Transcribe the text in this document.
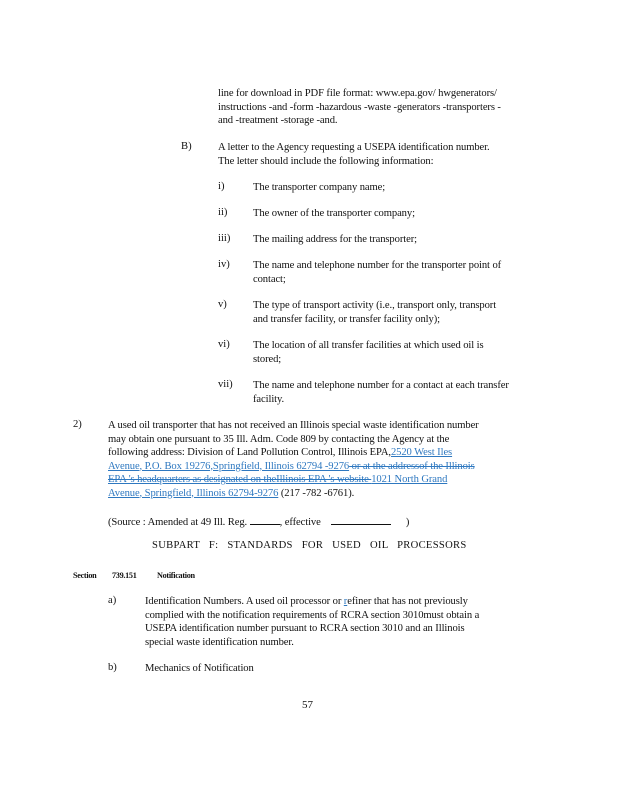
line for download in PDF file format: www.epa.gov/ hwgenerators/
instructions -and -form -hazardous -waste -generators -transporters -
and -treatment -storage -and.
B) A letter to the Agency requesting a USEPA identification number.
The letter should include the following information:
i)	The transporter company name;
ii) The owner of the transporter company;
iii) The mailing address for the transporter;
iv) The name and telephone number for the transporter point of
contact;
v) The type of transport activity (i.e., transport only, transport
and transfer facility, or transfer facility only);
vi) The location of all transfer facilities at which used oil is
stored;
vii) The name and telephone number for a contact at each transfer
facility.
2) A used oil transporter that has not received an Illinois special waste identification number
may obtain one pursuant to 35 Ill. Adm. Code 809 by contacting the Agency at the
following address: Division of Land Pollution Control, Illinois EPA,2520 West Iles
Avenue, P.O. Box 19276,Springfield, Illinois 62794 -9276 or at the addressof the Illinois
EPA 's headquarters as designated on theIllinois EPA 's website 1021 North Grand
Avenue, Springfield, Illinois 62794-9276 (217 -782 -6761).
(Source : Amended at 49 Ill. Reg.	, effective	)
SUBPART F: STANDARDS FOR USED OIL PROCESSORS
Section 739.151 Notification
a)	Identification Numbers. A used oil processor or refiner that has not previously
complied with the notification requirements of RCRA section 3010must obtain a
USEPA identification number pursuant to RCRA section 3010 and an Illinois
special waste identification number.
b)	Mechanics of Notification
57
